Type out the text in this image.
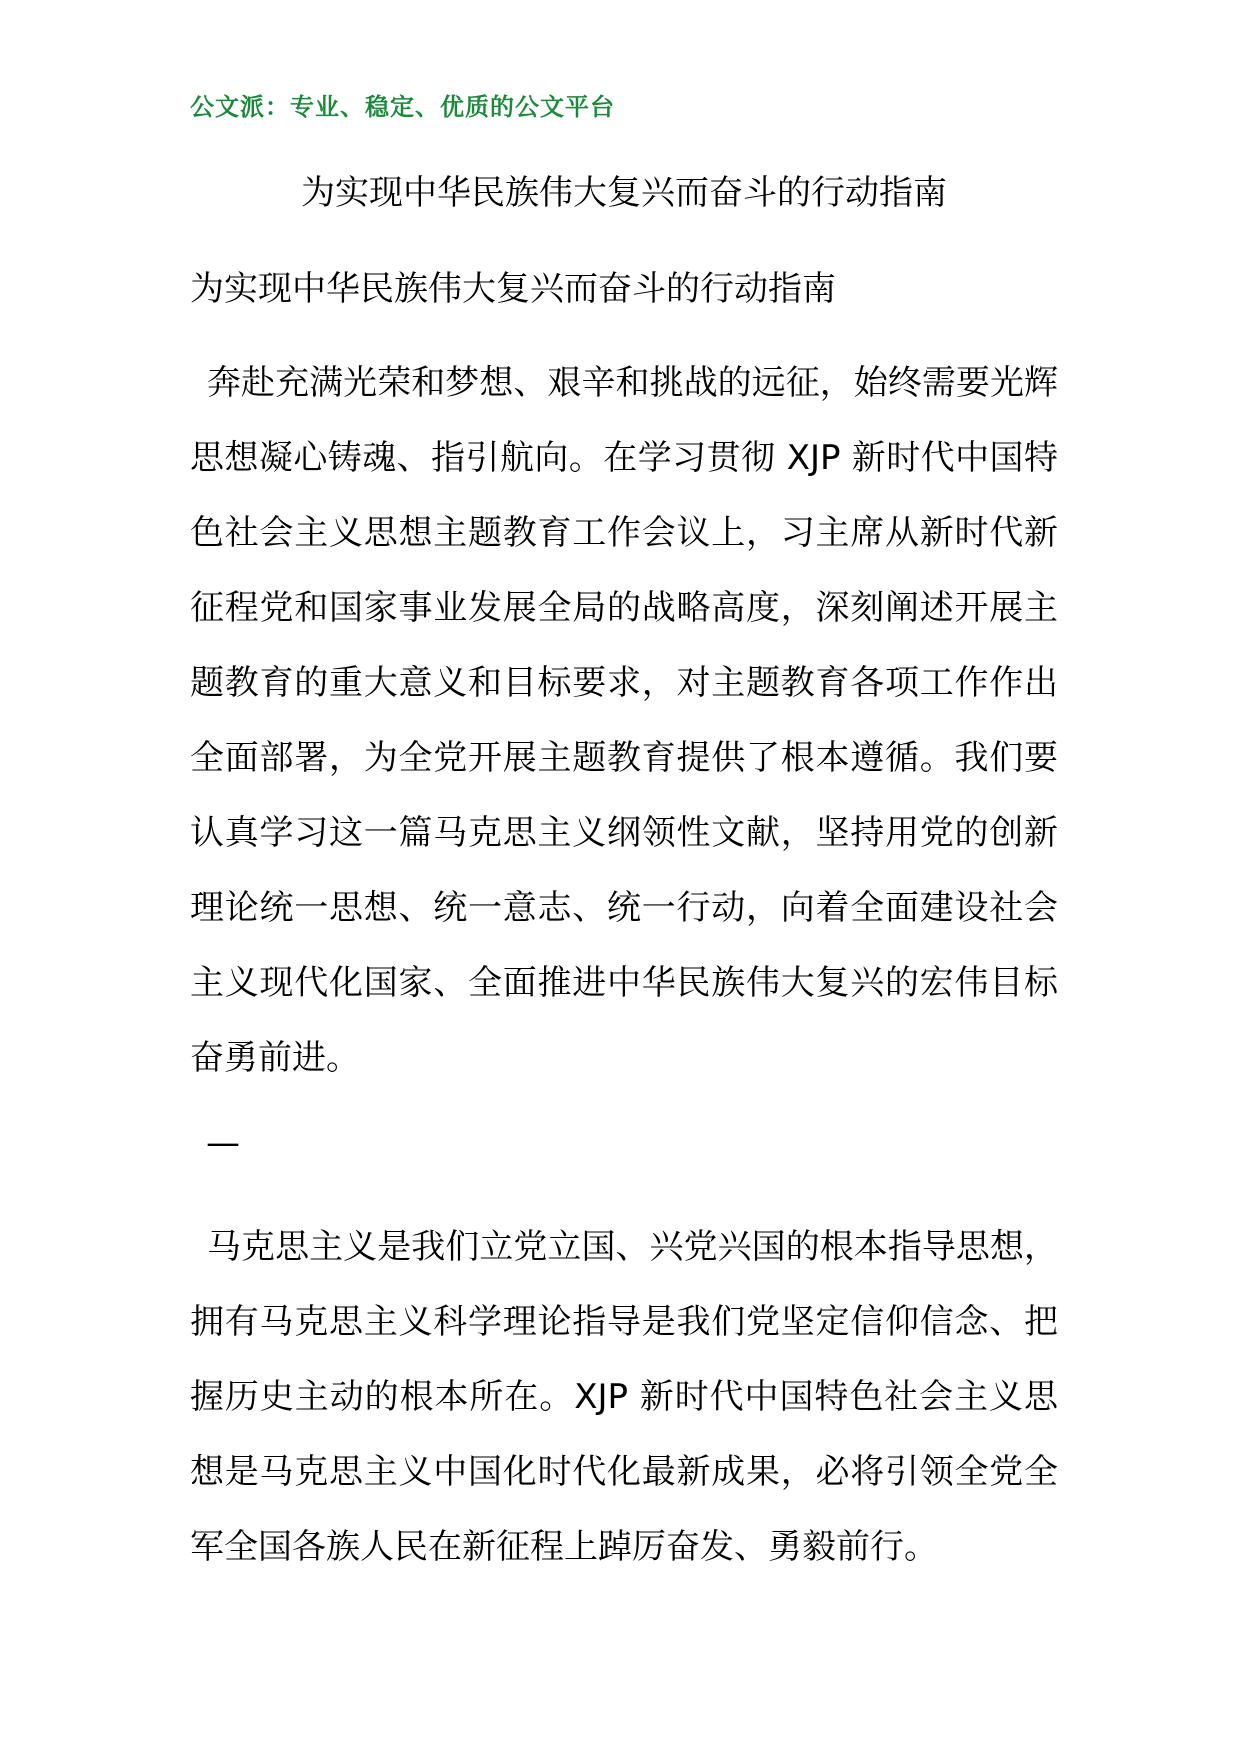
公文派：专业、稳定、优质的公文平台
为实现中华民族伟大复兴而奋斗的行动指南
为实现中华民族伟大复兴而奋斗的行动指南

奔赴充满光荣和梦想、艰辛和挑战的远征，始终需要光辉思想凝心铸魂、指引航向。在学习贯彻 XJP 新时代中国特色社会主义思想主题教育工作会议上，习主席从新时代新征程党和国家事业发展全局的战略高度，深刻阐述开展主题教育的重大意义和目标要求，对主题教育各项工作作出全面部署，为全党开展主题教育提供了根本遵循。我们要认真学习这一篇马克思主义纲领性文献，坚持用党的创新理论统一思想、统一意志、统一行动，向着全面建设社会主义现代化国家、全面推进中华民族伟大复兴的宏伟目标奋勇前进。

—

马克思主义是我们立党立国、兴党兴国的根本指导思想，拥有马克思主义科学理论指导是我们党坚定信仰信念、把握历史主动的根本所在。XJP 新时代中国特色社会主义思想是马克思主义中国化时代化最新成果，必将引领全党全军全国各族人民在新征程上踔厉奋发、勇毅前行。
